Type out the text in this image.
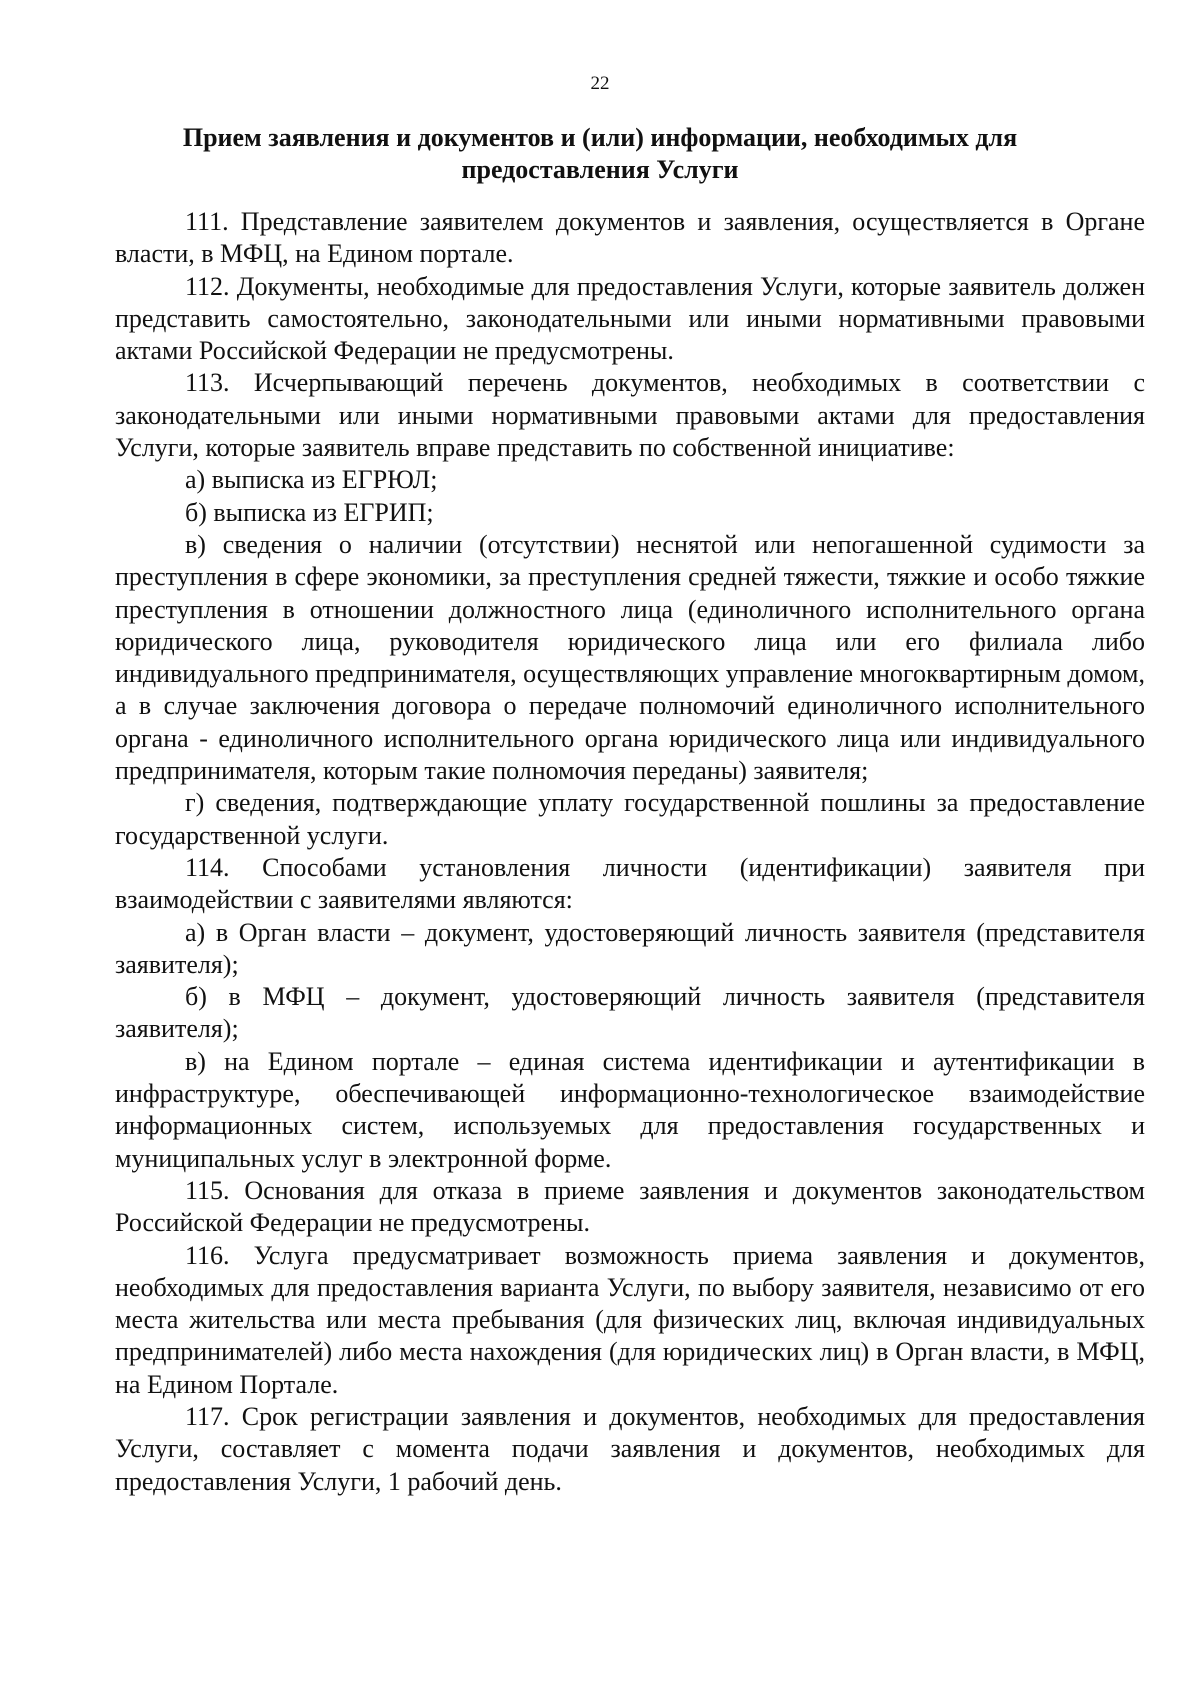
22
Прием заявления и документов и (или) информации, необходимых для предоставления Услуги

111. Представление заявителем документов и заявления, осуществляется в Органе власти, в МФЦ, на Едином портале.

112. Документы, необходимые для предоставления Услуги, которые заявитель должен представить самостоятельно, законодательными или иными нормативными правовыми актами Российской Федерации не предусмотрены.

113. Исчерпывающий перечень документов, необходимых в соответствии с законодательными или иными нормативными правовыми актами для предоставления Услуги, которые заявитель вправе представить по собственной инициативе:

а) выписка из ЕГРЮЛ;

б) выписка из ЕГРИП;

в) сведения о наличии (отсутствии) неснятой или непогашенной судимости за преступления в сфере экономики, за преступления средней тяжести, тяжкие и особо тяжкие преступления в отношении должностного лица (единоличного исполнительного органа юридического лица, руководителя юридического лица или его филиала либо индивидуального предпринимателя, осуществляющих управление многоквартирным домом, а в случае заключения договора о передаче полномочий единоличного исполнительного органа - единоличного исполнительного органа юридического лица или индивидуального предпринимателя, которым такие полномочия переданы) заявителя;

г) сведения, подтверждающие уплату государственной пошлины за предоставление государственной услуги.

114. Способами установления личности (идентификации) заявителя при взаимодействии с заявителями являются:

а) в Орган власти – документ, удостоверяющий личность заявителя (представителя заявителя);

б) в МФЦ – документ, удостоверяющий личность заявителя (представителя заявителя);

в) на Едином портале – единая система идентификации и аутентификации в инфраструктуре, обеспечивающей информационно-технологическое взаимодействие информационных систем, используемых для предоставления государственных и муниципальных услуг в электронной форме.

115. Основания для отказа в приеме заявления и документов законодательством Российской Федерации не предусмотрены.

116. Услуга предусматривает возможность приема заявления и документов, необходимых для предоставления варианта Услуги, по выбору заявителя, независимо от его места жительства или места пребывания (для физических лиц, включая индивидуальных предпринимателей) либо места нахождения (для юридических лиц) в Орган власти, в МФЦ, на Едином Портале.

117. Срок регистрации заявления и документов, необходимых для предоставления Услуги, составляет с момента подачи заявления и документов, необходимых для предоставления Услуги, 1 рабочий день.
